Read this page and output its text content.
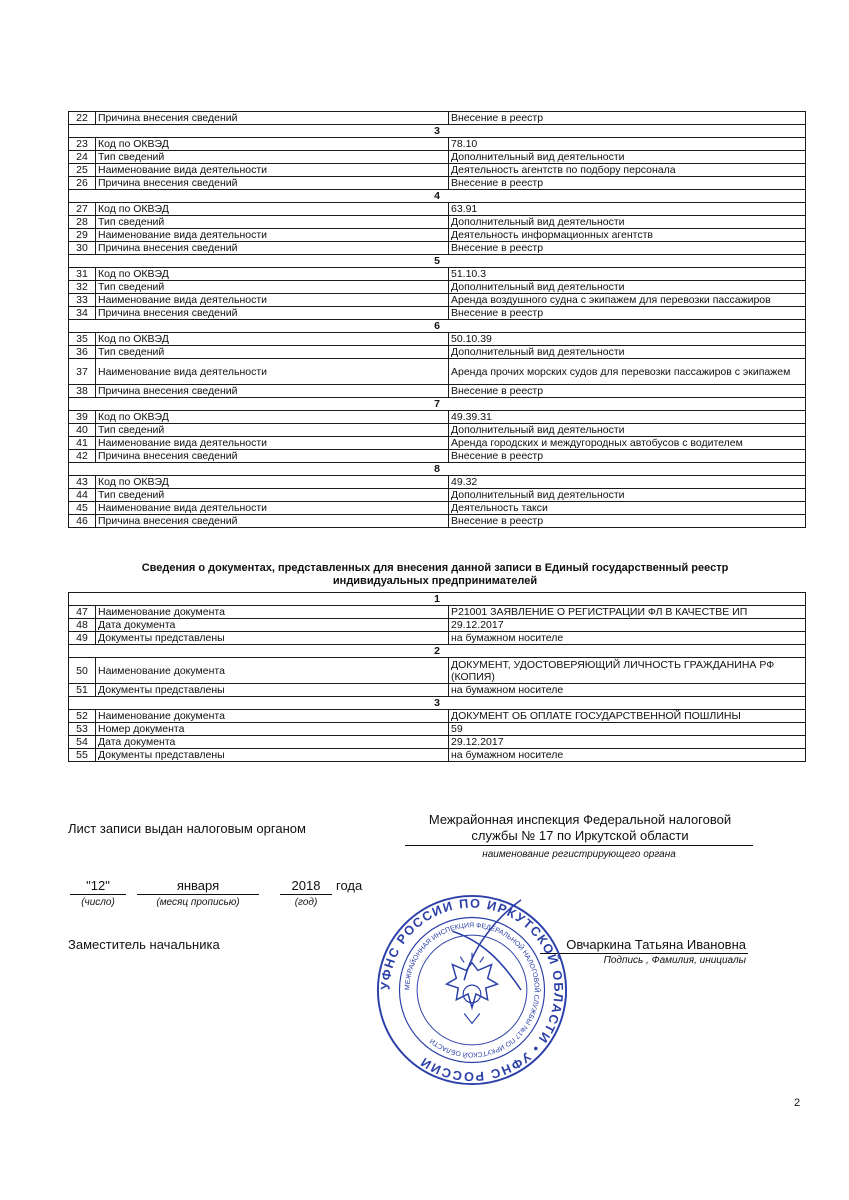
22	Причина внесения сведений	Внесение в реестр
3		
23	Код по ОКВЭД	78.10
24	Тип сведений	Дополнительный вид деятельности
25	Наименование вида деятельности	Деятельность агентств по подбору персонала
26	Причина внесения сведений	Внесение в реестр
4		
27	Код по ОКВЭД	63.91
28	Тип сведений	Дополнительный вид деятельности
29	Наименование вида деятельности	Деятельность информационных агентств
30	Причина внесения сведений	Внесение в реестр
5		
31	Код по ОКВЭД	51.10.3
32	Тип сведений	Дополнительный вид деятельности
33	Наименование вида деятельности	Аренда воздушного судна с экипажем для перевозки пассажиров
34	Причина внесения сведений	Внесение в реестр
6		
35	Код по ОКВЭД	50.10.39
36	Тип сведений	Дополнительный вид деятельности
37	Наименование вида деятельности	Аренда прочих морских судов для перевозки пассажиров с экипажем
38	Причина внесения сведений	Внесение в реестр
7		
39	Код по ОКВЭД	49.39.31
40	Тип сведений	Дополнительный вид деятельности
41	Наименование вида деятельности	Аренда городских и междугородных автобусов с водителем
42	Причина внесения сведений	Внесение в реестр
8		
43	Код по ОКВЭД	49.32
44	Тип сведений	Дополнительный вид деятельности
45	Наименование вида деятельности	Деятельность такси
46	Причина внесения сведений	Внесение в реестр
Сведения о документах, представленных для внесения данной записи в Единый государственный реестр индивидуальных предпринимателей
1		
47	Наименование документа	Р21001 ЗАЯВЛЕНИЕ О РЕГИСТРАЦИИ ФЛ В КАЧЕСТВЕ ИП
48	Дата документа	29.12.2017
49	Документы представлены	на бумажном носителе
2		
50	Наименование документа	ДОКУМЕНТ, УДОСТОВЕРЯЮЩИЙ ЛИЧНОСТЬ ГРАЖДАНИНА РФ (КОПИЯ)
51	Документы представлены	на бумажном носителе
3		
52	Наименование документа	ДОКУМЕНТ ОБ ОПЛАТЕ ГОСУДАРСТВЕННОЙ ПОШЛИНЫ
53	Номер документа	59
54	Дата документа	29.12.2017
55	Документы представлены	на бумажном носителе
Лист записи выдан налоговым органом
Межрайонная инспекция Федеральной налоговой
службы № 17 по Иркутской области
наименование регистрирующего органа
"12"	января	2018	года
(число)	(месяц прописью)	(год)
Заместитель начальника	Овчаркина Татьяна Ивановна
Подпись , Фамилия, инициалы
УФНС РОССИИ ПО ИРКУТСКОЙ ОБЛАСТИ • УФНС РОССИИ
МЕЖРАЙОННАЯ ИНСПЕКЦИЯ ФЕДЕРАЛЬНОЙ НАЛОГОВОЙ СЛУЖБЫ №17 ПО ИРКУТСКОЙ ОБЛАСТИ
2
